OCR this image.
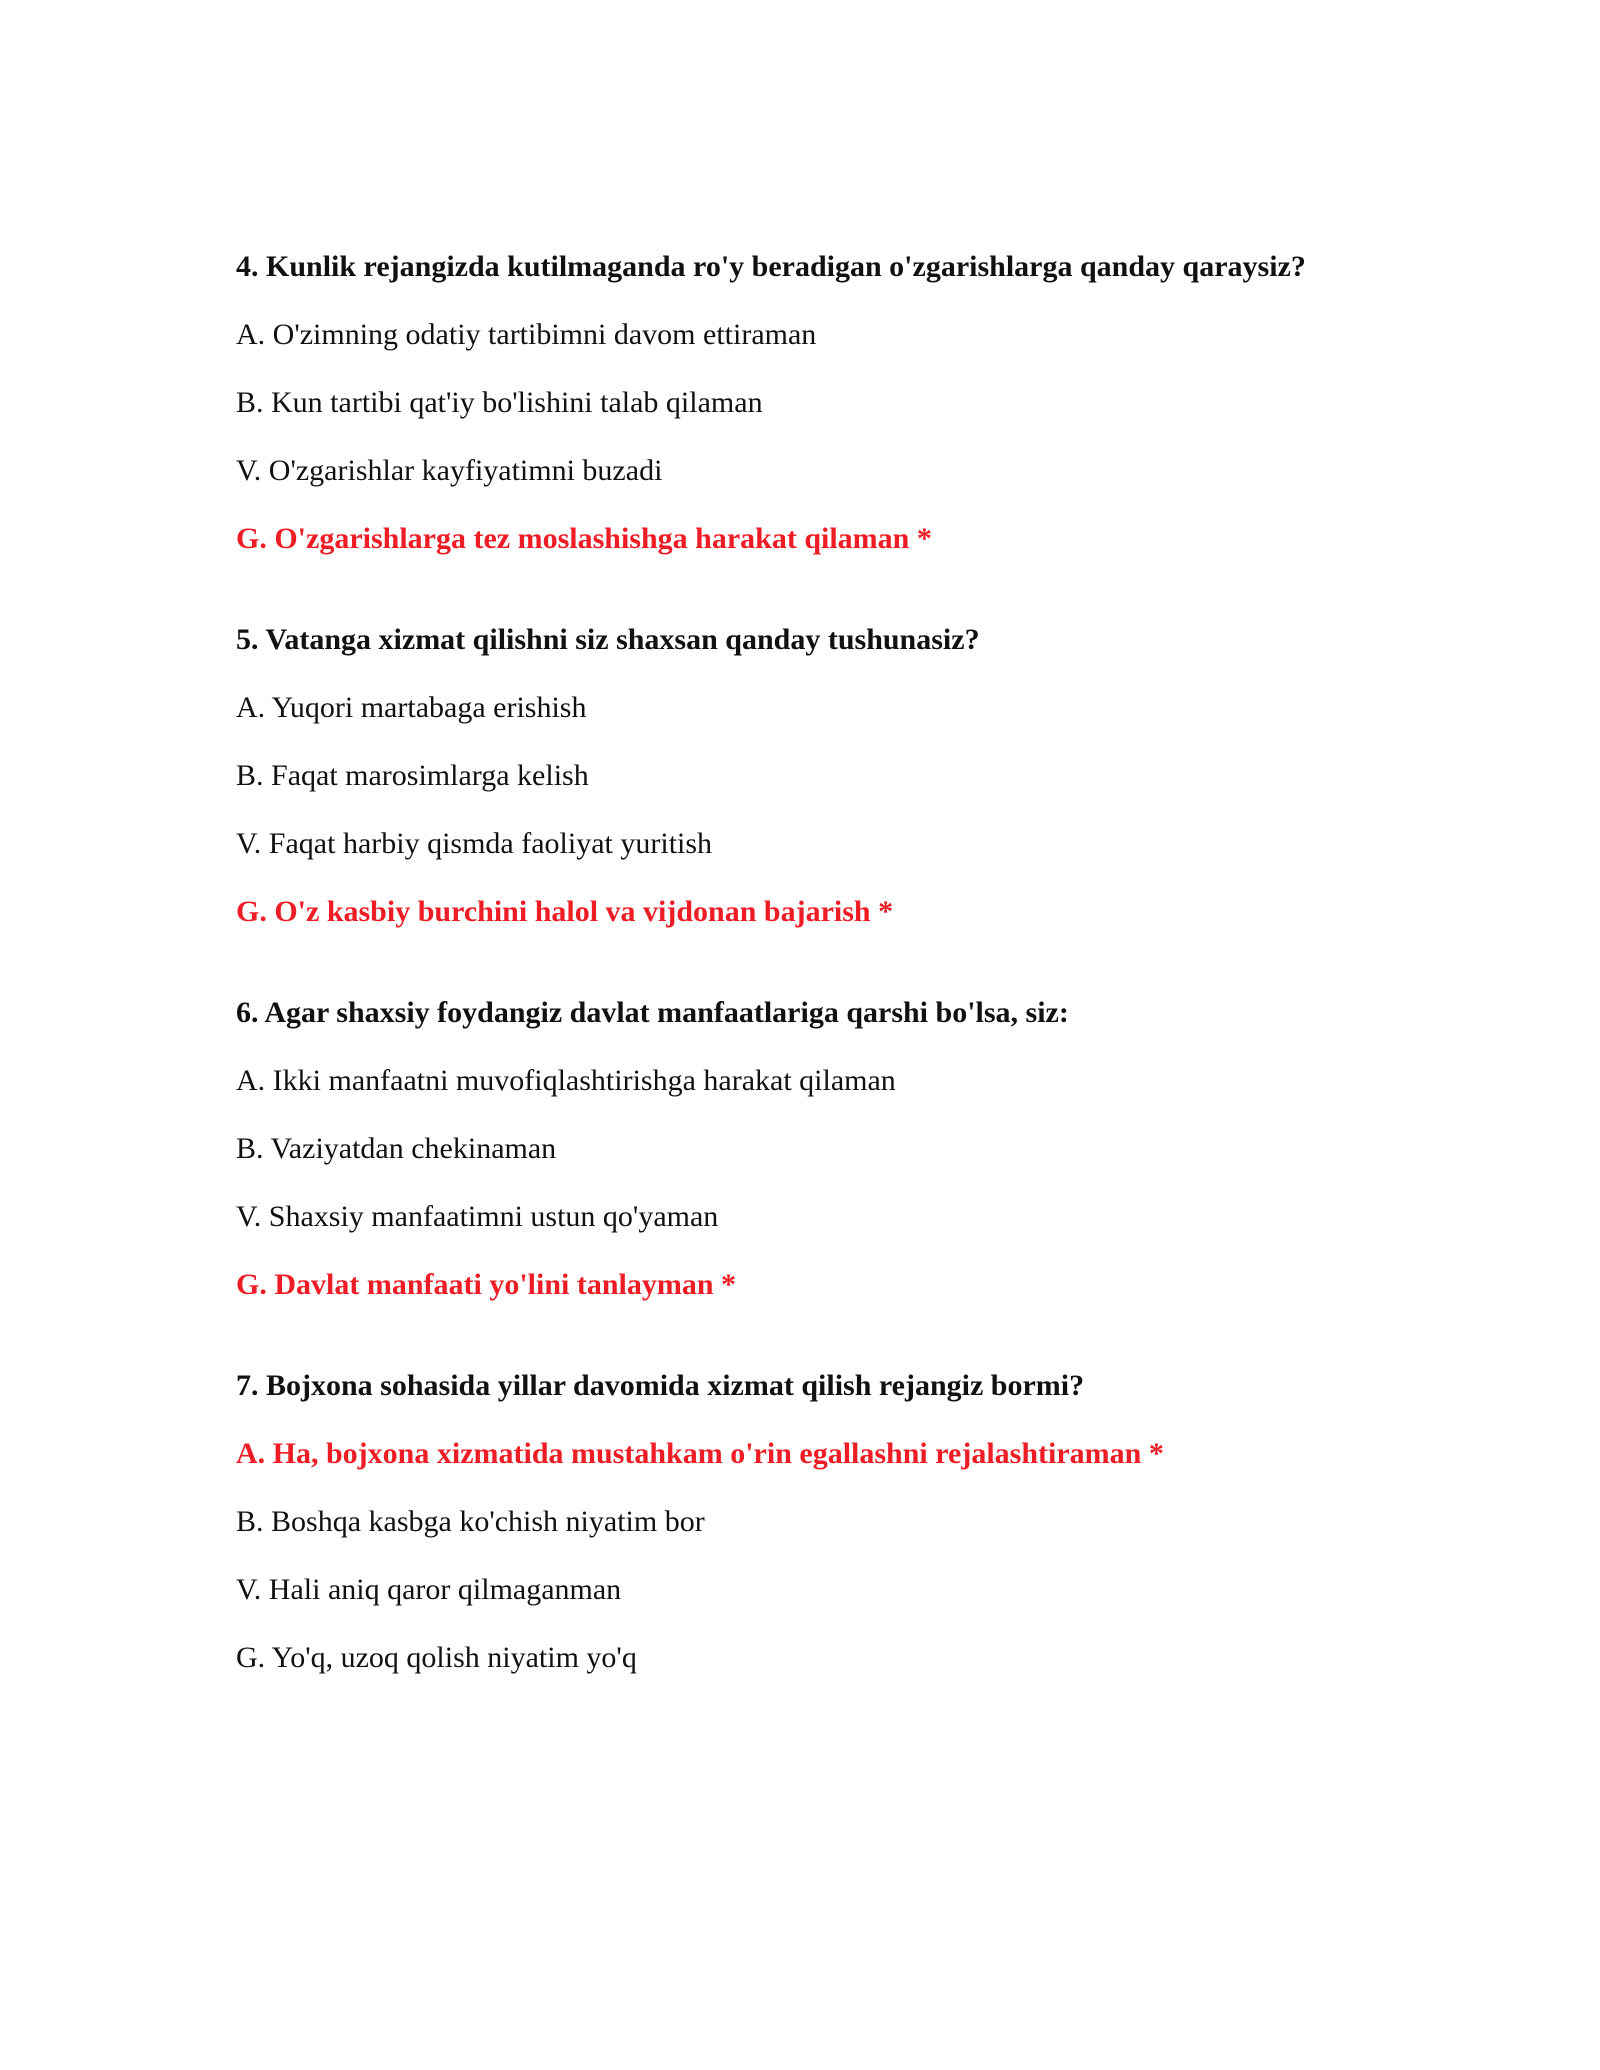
4. Kunlik rejangizda kutilmaganda ro'y beradigan o'zgarishlarga qanday qaraysiz?
A. O'zimning odatiy tartibimni davom ettiraman
B. Kun tartibi qat'iy bo'lishini talab qilaman
V. O'zgarishlar kayfiyatimni buzadi
G. O'zgarishlarga tez moslashishga harakat qilaman *
5. Vatanga xizmat qilishni siz shaxsan qanday tushunasiz?
A. Yuqori martabaga erishish
B. Faqat marosimlarga kelish
V. Faqat harbiy qismda faoliyat yuritish
G. O'z kasbiy burchini halol va vijdonan bajarish *
6. Agar shaxsiy foydangiz davlat manfaatlariga qarshi bo'lsa, siz:
A. Ikki manfaatni muvofiqlashtirishga harakat qilaman
B. Vaziyatdan chekinaman
V. Shaxsiy manfaatimni ustun qo'yaman
G. Davlat manfaati yo'lini tanlayman *
7. Bojxona sohasida yillar davomida xizmat qilish rejangiz bormi?
A. Ha, bojxona xizmatida mustahkam o'rin egallashni rejalashtiraman *
B. Boshqa kasbga ko'chish niyatim bor
V. Hali aniq qaror qilmaganman
G. Yo'q, uzoq qolish niyatim yo'q
